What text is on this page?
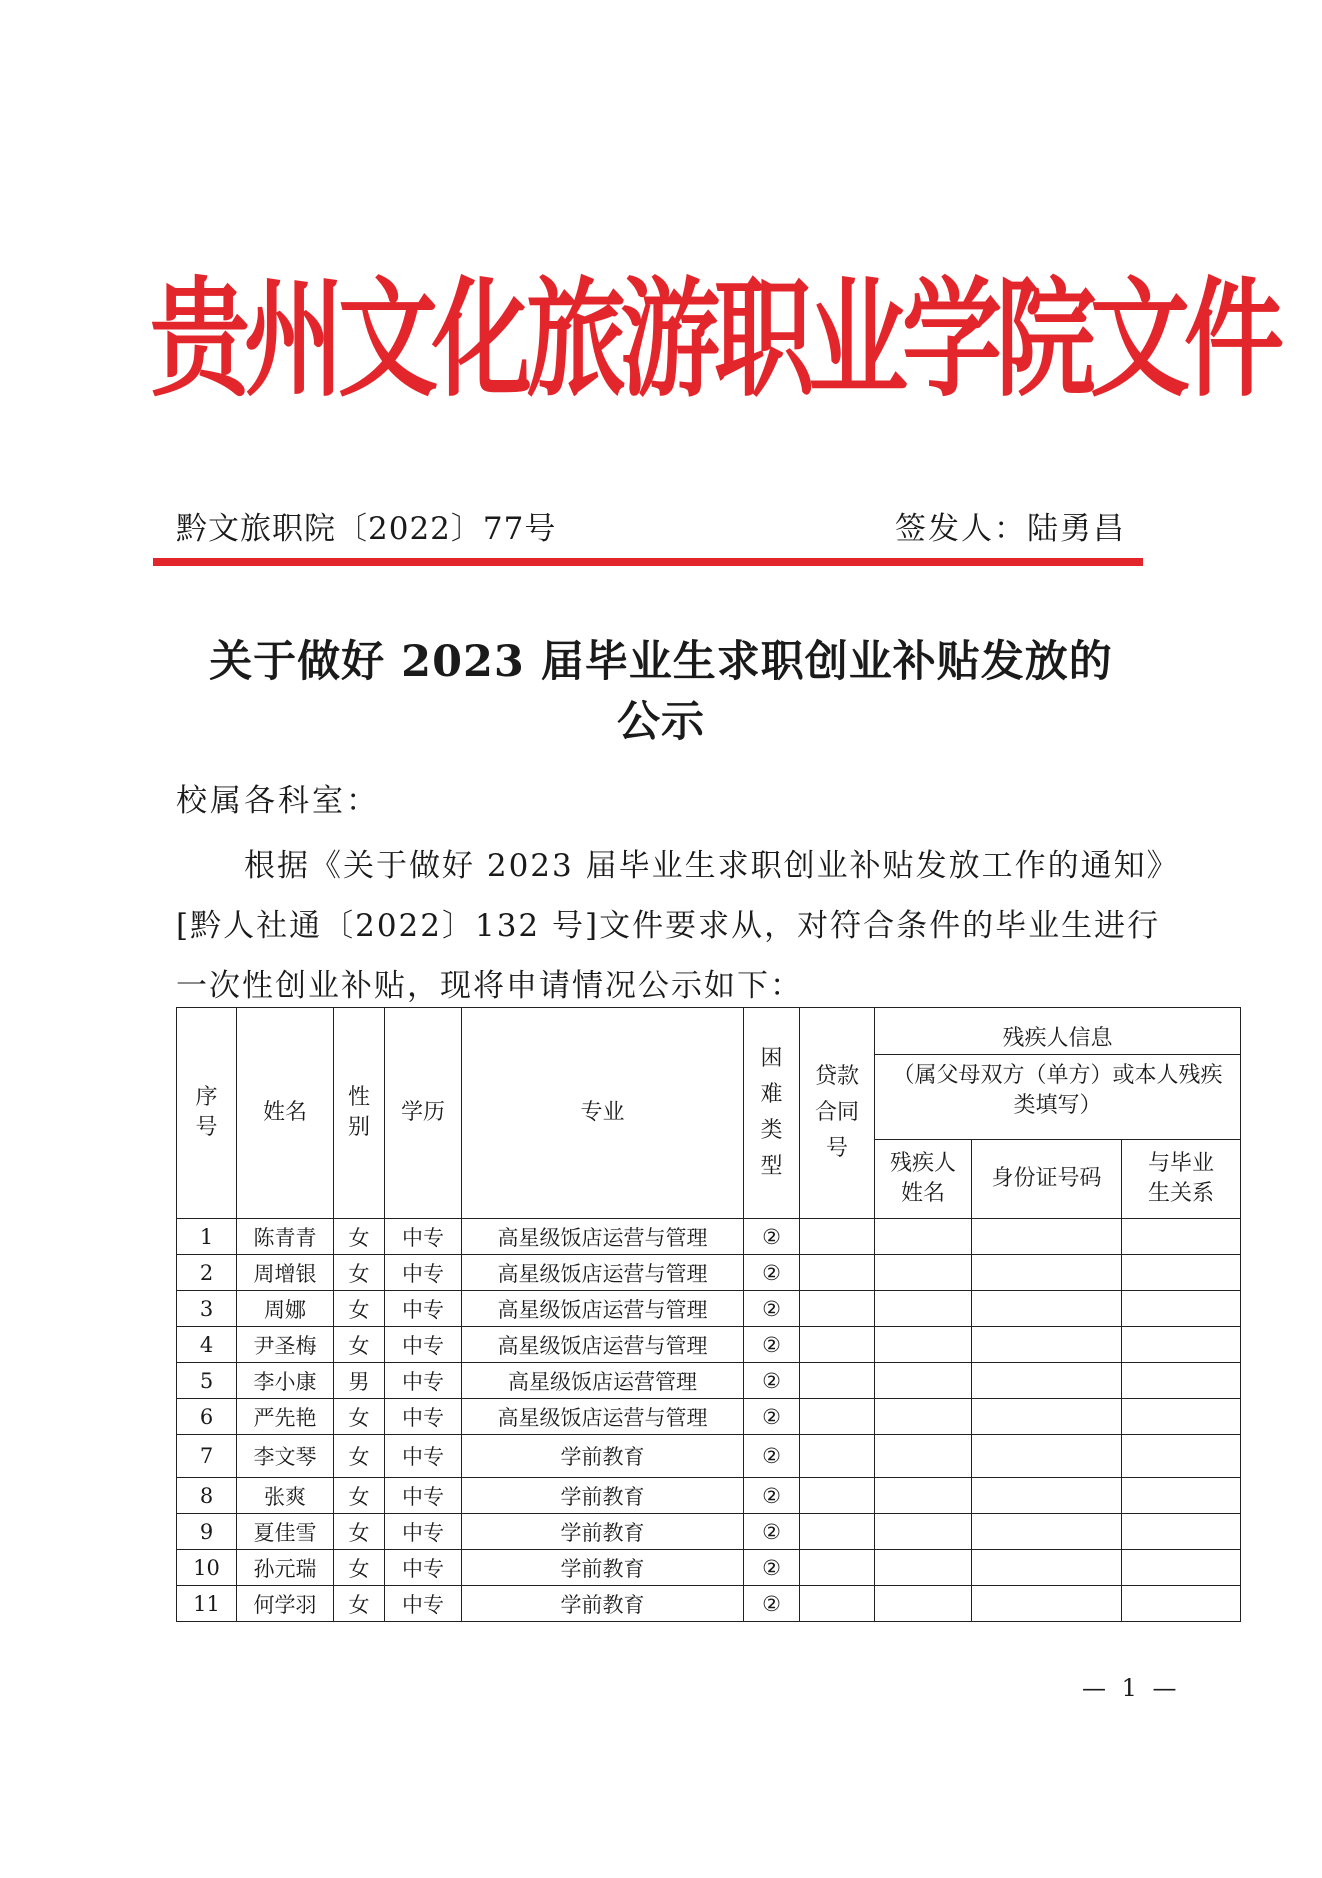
贵州文化旅游职业学院文件
黔文旅职院〔2022〕77号	签发人：陆勇昌
关于做好 2023 届毕业生求职创业补贴发放的
公示
校属各科室：
根据《关于做好 2023 届毕业生求职创业补贴发放工作的通知》[黔人社通〔2022〕132 号]文件要求从，对符合条件的毕业生进行一次性创业补贴，现将申请情况公示如下：
序号	姓名	性别	学历	专业	困难类型	贷款合同号	残疾人信息		
							（属父母双方（单方）或本人残疾类填写）		

							残疾人姓名	身份证号码	与毕业生关系

1	陈青青	女	中专	高星级饭店运营与管理	②				
2	周增银	女	中专	高星级饭店运营与管理	②				
3	周娜	女	中专	高星级饭店运营与管理	②				
4	尹圣梅	女	中专	高星级饭店运营与管理	②				
5	李小康	男	中专	高星级饭店运营管理	②				
6	严先艳	女	中专	高星级饭店运营与管理	②				
7	李文琴	女	中专	学前教育	②				
8	张爽	女	中专	学前教育	②				
9	夏佳雪	女	中专	学前教育	②				
10	孙元瑞	女	中专	学前教育	②				
11	何学羽	女	中专	学前教育	②				
— 1 —
